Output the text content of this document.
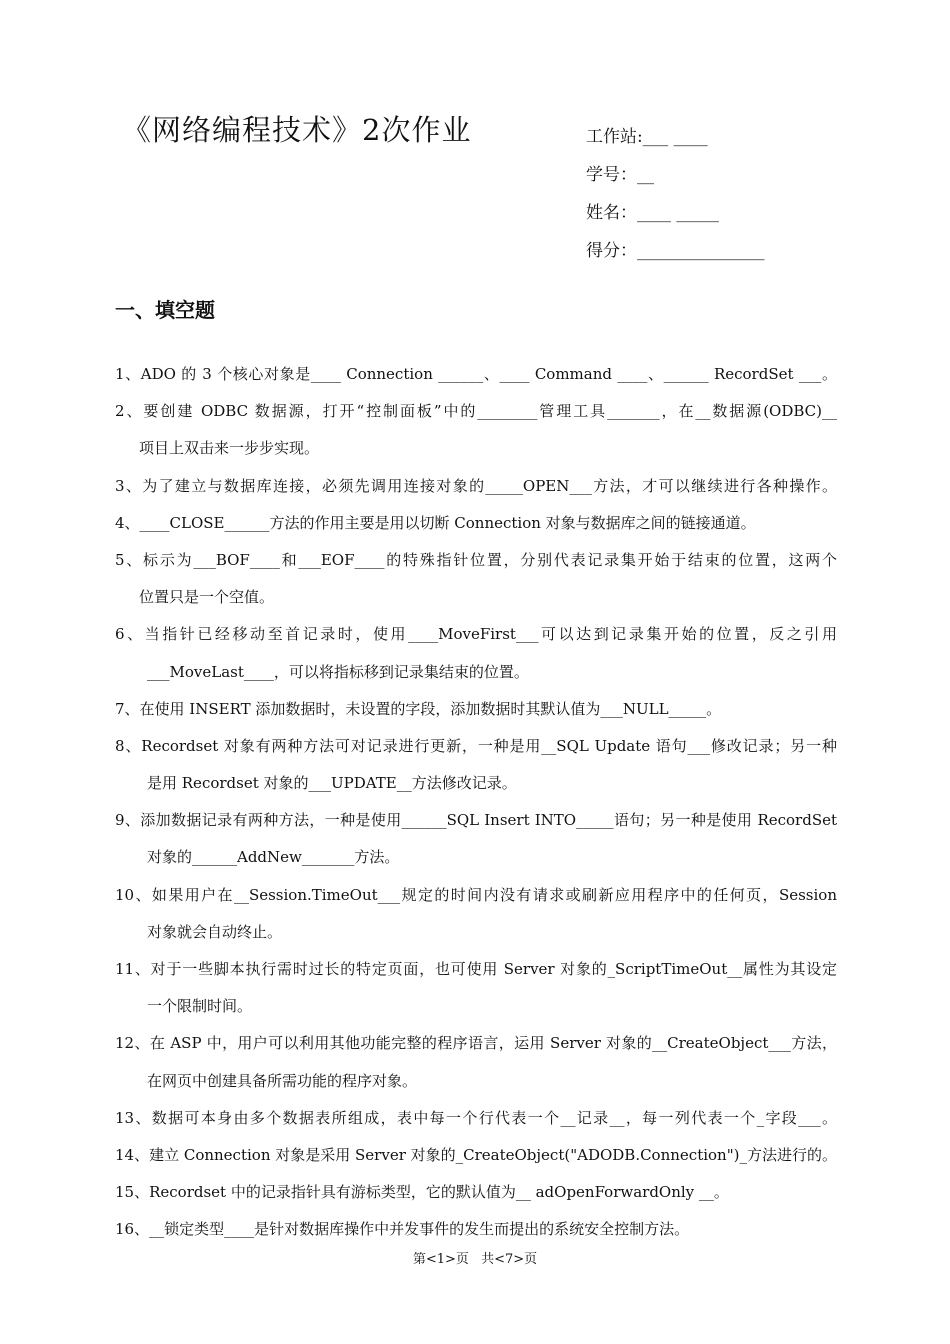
《网络编程技术》2次作业	工作站:___ ____
学号：__
姓名：____ _____
得分：_______________
一、填空题
1、ADO 的 3 个核心对象是____ Connection ______、____ Command ____、______ RecordSet ___。
2、要创建 ODBC 数据源，打开“控制面板”中的________管理工具_______，在__数据源(ODBC)__
项目上双击来一步步实现。
3、为了建立与数据库连接，必须先调用连接对象的_____OPEN___方法，才可以继续进行各种操作。
4、____CLOSE______方法的作用主要是用以切断 Connection 对象与数据库之间的链接通道。
5、标示为___BOF____和___EOF____的特殊指针位置，分别代表记录集开始于结束的位置，这两个
位置只是一个空值。
6、当指针已经移动至首记录时，使用____MoveFirst___可以达到记录集开始的位置，反之引用
___MoveLast____，可以将指标移到记录集结束的位置。
7、在使用 INSERT 添加数据时，未设置的字段，添加数据时其默认值为___NULL_____。
8、Recordset 对象有两种方法可对记录进行更新，一种是用__SQL Update 语句___修改记录；另一种
是用 Recordset 对象的___UPDATE__方法修改记录。
9、添加数据记录有两种方法，一种是使用______SQL Insert INTO_____语句；另一种是使用 RecordSet
对象的______AddNew_______方法。
10、如果用户在__Session.TimeOut___规定的时间内没有请求或刷新应用程序中的任何页，Session
对象就会自动终止。
11、对于一些脚本执行需时过长的特定页面，也可使用 Server 对象的_ScriptTimeOut__属性为其设定
一个限制时间。
12、在 ASP 中，用户可以利用其他功能完整的程序语言，运用 Server 对象的__CreateObject___方法，
在网页中创建具备所需功能的程序对象。
13、数据可本身由多个数据表所组成，表中每一个行代表一个__记录__，每一列代表一个_字段___。
14、建立 Connection 对象是采用 Server 对象的_CreateObject("ADODB.Connection")_方法进行的。
15、Recordset 中的记录指针具有游标类型，它的默认值为__ adOpenForwardOnly __。
16、__锁定类型____是针对数据库操作中并发事件的发生而提出的系统安全控制方法。
第<1>页 共<7>页
